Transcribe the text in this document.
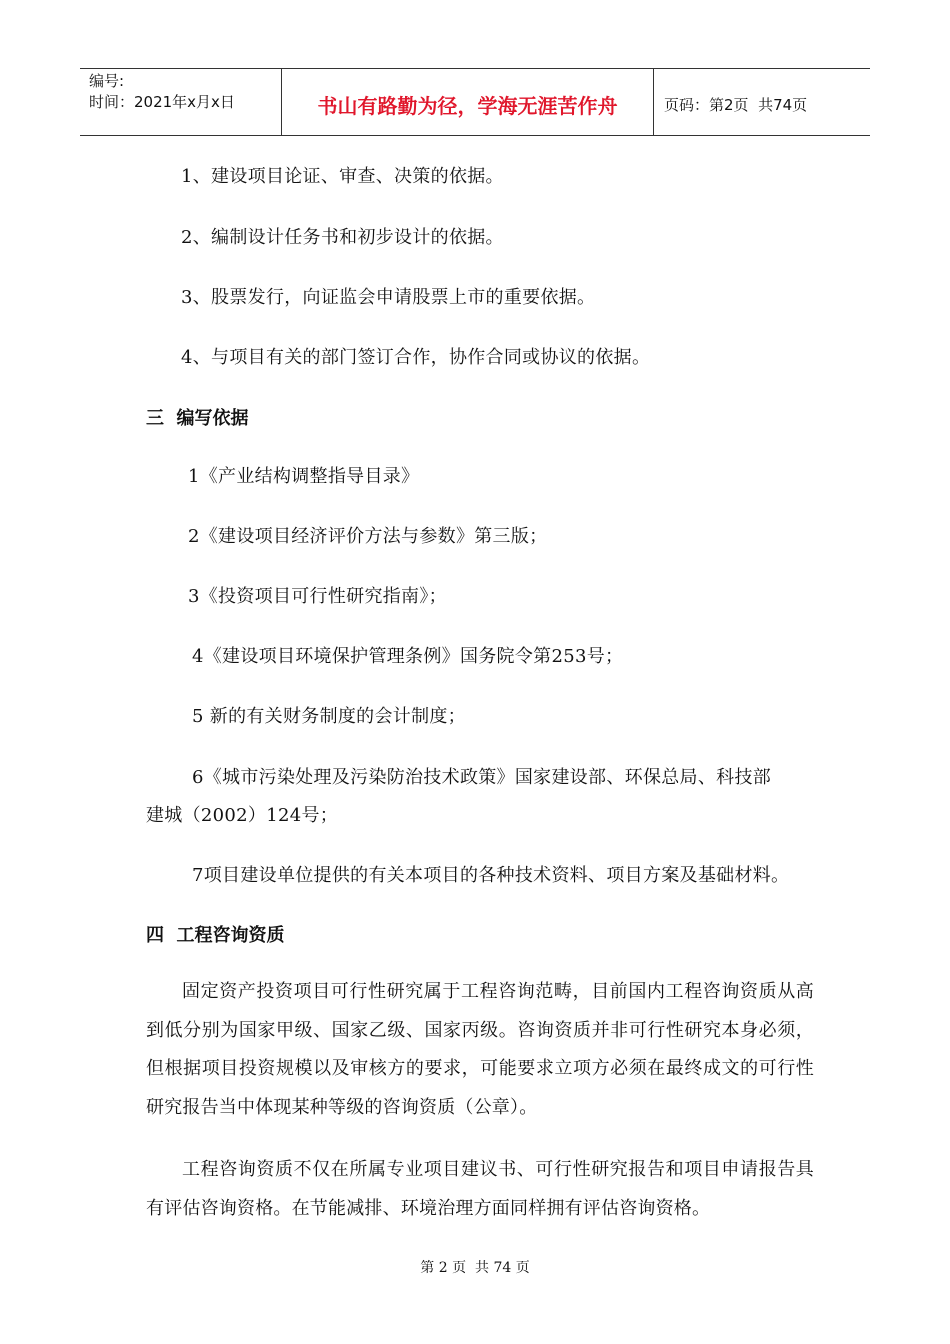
编号:
时间：2021年x月x日	书山有路勤为径，学海无涯苦作舟	页码：第2页  共74页
1、建设项目论证、审查、决策的依据。
2、编制设计任务书和初步设计的依据。
3、股票发行，向证监会申请股票上市的重要依据。
4、与项目有关的部门签订合作，协作合同或协议的依据。
三  编写依据
1《产业结构调整指导目录》
2《建设项目经济评价方法与参数》第三版；
3《投资项目可行性研究指南》；
4《建设项目环境保护管理条例》国务院令第253号；
5 新的有关财务制度的会计制度；
6《城市污染处理及污染防治技术政策》国家建设部、环保总局、科技部
建城（2002）124号；
7项目建设单位提供的有关本项目的各种技术资料、项目方案及基础材料。
四  工程咨询资质
固定资产投资项目可行性研究属于工程咨询范畴，目前国内工程咨询资质从高到低分别为国家甲级、国家乙级、国家丙级。咨询资质并非可行性研究本身必须，但根据项目投资规模以及审核方的要求，可能要求立项方必须在最终成文的可行性研究报告当中体现某种等级的咨询资质（公章）。
工程咨询资质不仅在所属专业项目建议书、可行性研究报告和项目申请报告具有评估咨询资格。在节能减排、环境治理方面同样拥有评估咨询资格。
第 2 页  共 74 页
